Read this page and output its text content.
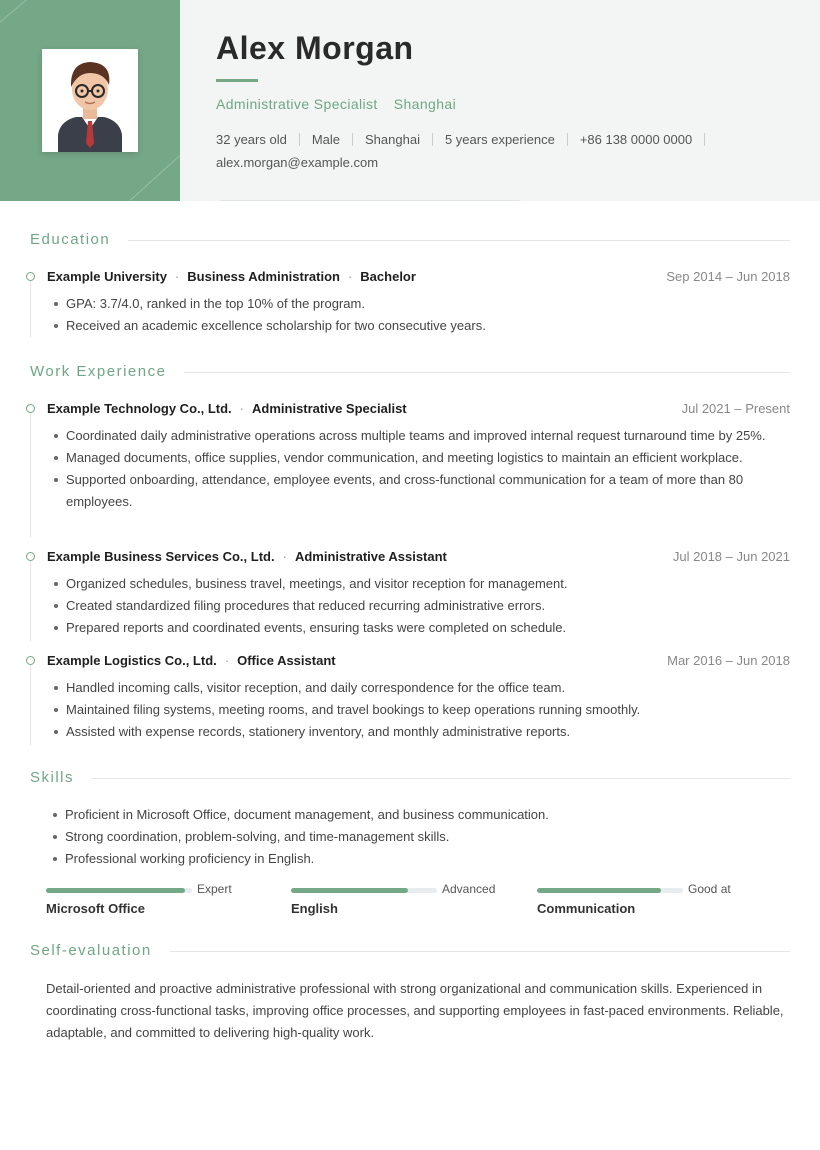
Alex Morgan
Administrative Specialist Shanghai
32 years old Male Shanghai 5 years experience +86 138 0000 0000
alex.morgan@example.com
Education
Example University · Business Administration · Bachelor	Sep 2014 – Jun 2018
GPA: 3.7/4.0, ranked in the top 10% of the program.
Received an academic excellence scholarship for two consecutive years.
Work Experience
Example Technology Co., Ltd. · Administrative Specialist	Jul 2021 – Present
Coordinated daily administrative operations across multiple teams and improved internal request turnaround time by 25%.
Managed documents, office supplies, vendor communication, and meeting logistics to maintain an efficient workplace.
Supported onboarding, attendance, employee events, and cross-functional communication for a team of more than 80 employees.
Example Business Services Co., Ltd. · Administrative Assistant	Jul 2018 – Jun 2021
Organized schedules, business travel, meetings, and visitor reception for management.
Created standardized filing procedures that reduced recurring administrative errors.
Prepared reports and coordinated events, ensuring tasks were completed on schedule.
Example Logistics Co., Ltd. · Office Assistant	Mar 2016 – Jun 2018
Handled incoming calls, visitor reception, and daily correspondence for the office team.
Maintained filing systems, meeting rooms, and travel bookings to keep operations running smoothly.
Assisted with expense records, stationery inventory, and monthly administrative reports.
Skills
Proficient in Microsoft Office, document management, and business communication.
Strong coordination, problem-solving, and time-management skills.
Professional working proficiency in English.
Expert
Microsoft Office
Advanced
English
Good at
Communication
Self-evaluation
Detail-oriented and proactive administrative professional with strong organizational and communication skills. Experienced in coordinating cross-functional tasks, improving office processes, and supporting employees in fast-paced environments. Reliable, adaptable, and committed to delivering high-quality work.
